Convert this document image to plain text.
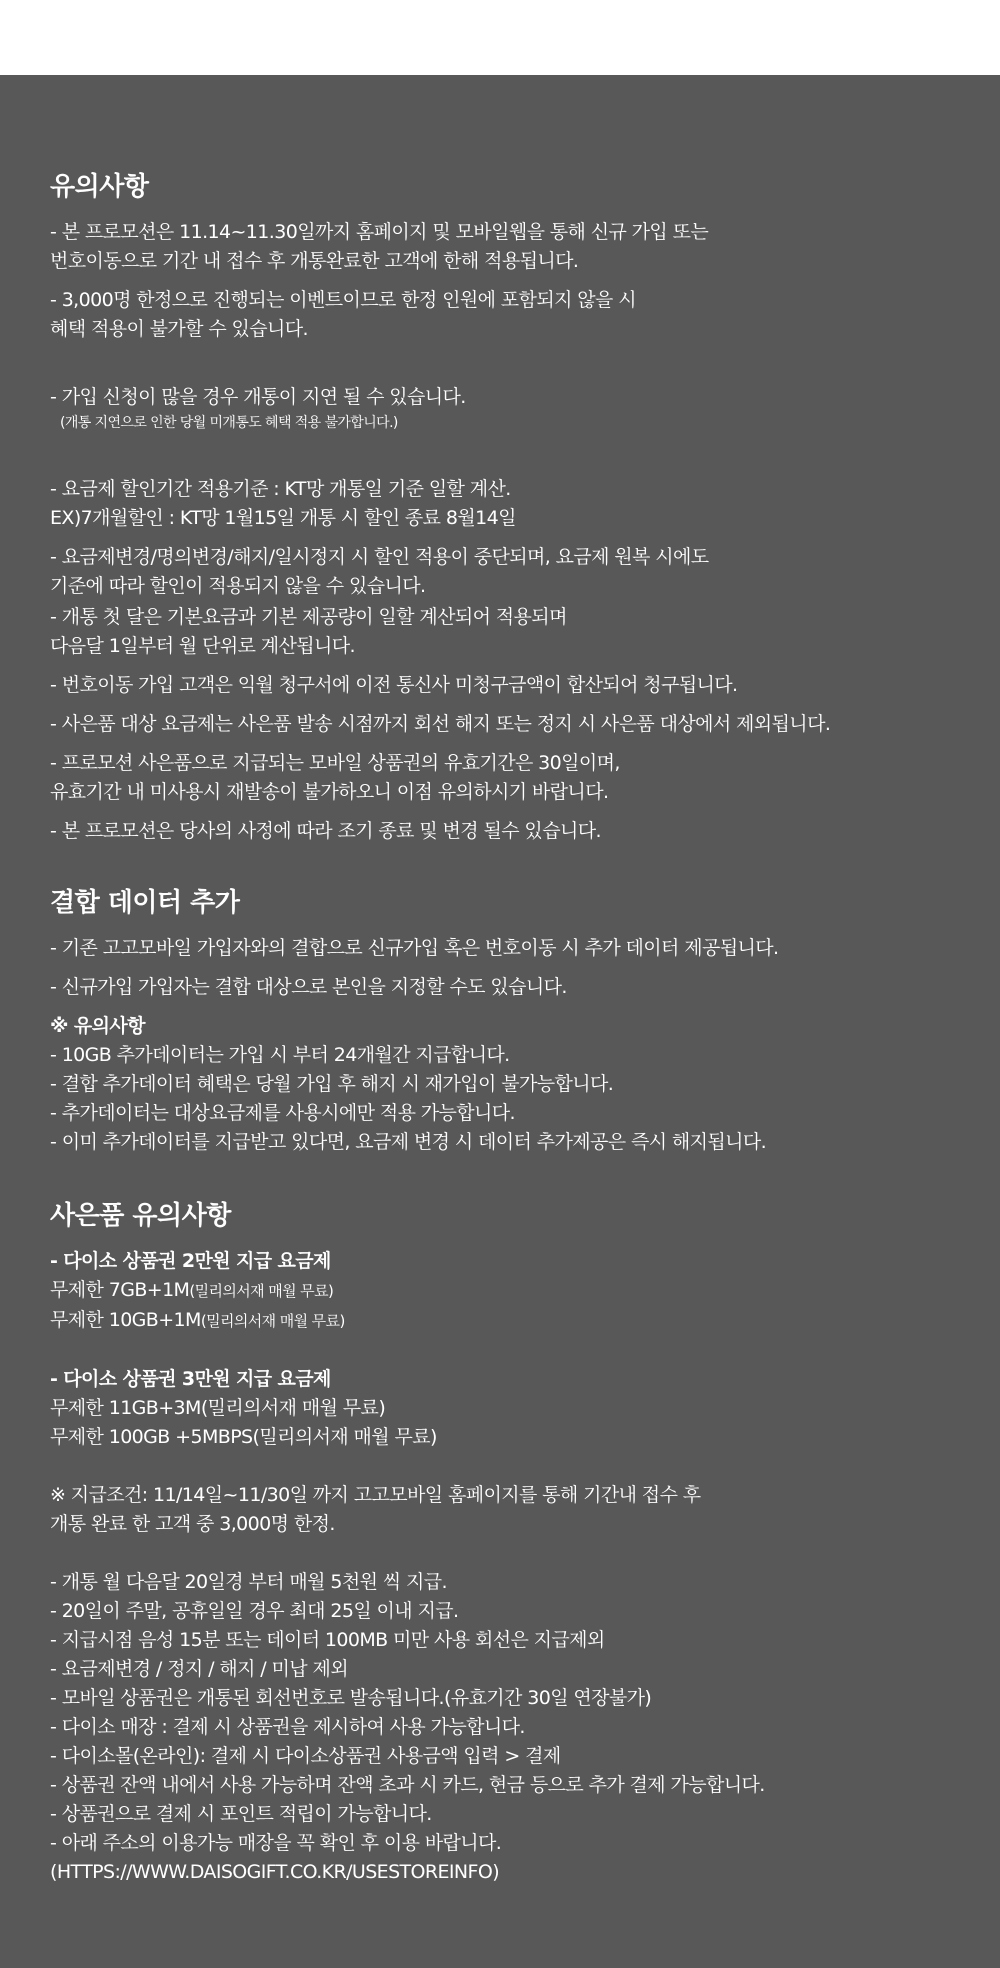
유의사항
- 본 프로모션은 11.14~11.30일까지 홈페이지 및 모바일웹을 통해 신규 가입 또는
번호이동으로 기간 내 접수 후 개통완료한 고객에 한해 적용됩니다.
- 3,000명 한정으로 진행되는 이벤트이므로 한정 인원에 포함되지 않을 시
혜택 적용이 불가할 수 있습니다.

- 가입 신청이 많을 경우 개통이 지연 될 수 있습니다.

(개통 지연으로 인한 당월 미개통도 혜택 적용 불가합니다.)

- 요금제 할인기간 적용기준 : KT망 개통일 기준 일할 계산.
EX)7개월할인 : KT망 1월15일 개통 시 할인 종료 8월14일
- 요금제변경/명의변경/해지/일시정지 시 할인 적용이 중단되며, 요금제 원복 시에도
기준에 따라 할인이 적용되지 않을 수 있습니다.
- 개통 첫 달은 기본요금과 기본 제공량이 일할 계산되어 적용되며
다음달 1일부터 월 단위로 계산됩니다.
- 번호이동 가입 고객은 익월 청구서에 이전 통신사 미청구금액이 합산되어 청구됩니다.
- 사은품 대상 요금제는 사은품 발송 시점까지 회선 해지 또는 정지 시 사은품 대상에서 제외됩니다.
- 프로모션 사은품으로 지급되는 모바일 상품권의 유효기간은 30일이며,
유효기간 내 미사용시 재발송이 불가하오니 이점 유의하시기 바랍니다.
- 본 프로모션은 당사의 사정에 따라 조기 종료 및 변경 될수 있습니다.
결합 데이터 추가
- 기존 고고모바일 가입자와의 결합으로 신규가입 혹은 번호이동 시 추가 데이터 제공됩니다.
- 신규가입 가입자는 결합 대상으로 본인을 지정할 수도 있습니다.
※ 유의사항
- 10GB 추가데이터는 가입 시 부터 24개월간 지급합니다.
- 결합 추가데이터 혜택은 당월 가입 후 해지 시 재가입이 불가능합니다.
- 추가데이터는 대상요금제를 사용시에만 적용 가능합니다.
- 이미 추가데이터를 지급받고 있다면, 요금제 변경 시 데이터 추가제공은 즉시 해지됩니다.
사은품 유의사항
- 다이소 상품권 2만원 지급 요금제
무제한 7GB+1M(밀리의서재 매월 무료)
무제한 10GB+1M(밀리의서재 매월 무료)
- 다이소 상품권 3만원 지급 요금제
무제한 11GB+3M(밀리의서재 매월 무료)
무제한 100GB +5MBPS(밀리의서재 매월 무료)
※ 지급조건: 11/14일~11/30일 까지 고고모바일 홈페이지를 통해 기간내 접수 후
개통 완료 한 고객 중 3,000명 한정.
- 개통 월 다음달 20일경 부터 매월 5천원 씩 지급.
- 20일이 주말, 공휴일일 경우 최대 25일 이내 지급.
- 지급시점 음성 15분 또는 데이터 100MB 미만 사용 회선은 지급제외
- 요금제변경 / 정지 / 해지 / 미납 제외
- 모바일 상품권은 개통된 회선번호로 발송됩니다.(유효기간 30일 연장불가)
- 다이소 매장 : 결제 시 상품권을 제시하여 사용 가능합니다.
- 다이소몰(온라인): 결제 시 다이소상품권 사용금액 입력 > 결제
- 상품권 잔액 내에서 사용 가능하며 잔액 초과 시 카드, 현금 등으로 추가 결제 가능합니다.
- 상품권으로 결제 시 포인트 적립이 가능합니다.
- 아래 주소의 이용가능 매장을 꼭 확인 후 이용 바랍니다.
(HTTPS://WWW.DAISOGIFT.CO.KR/USESTOREINFO)
